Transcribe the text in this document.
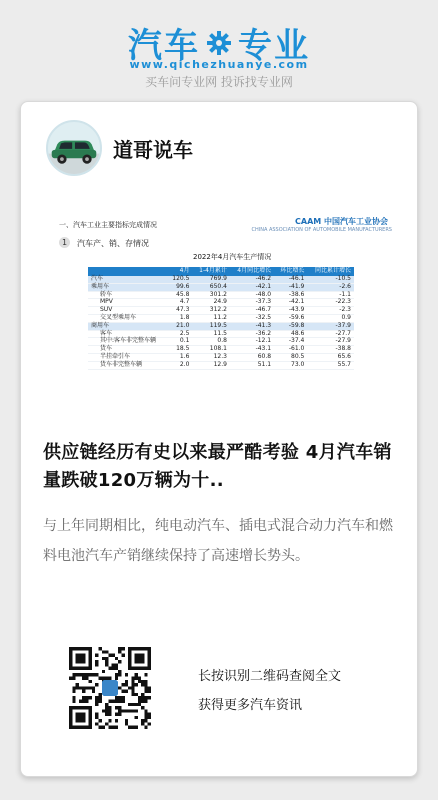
汽车 专业
www.qichezhuanye.com
买车问专业网 投诉找专业网
道哥说车
一、汽车工业主要指标完成情况	CAAM 中国汽车工业协会
CHINA ASSOCIATION OF AUTOMOBILE MANUFACTURERS
1	汽车产、销、存情况
2022年4月汽车生产情况
	4月	1-4月累计	4月同比增长	环比增长	同比累计增长
汽车	120.5	769.9	-46.2	-46.1	-10.5
乘用车	99.6	650.4	-42.1	-41.9	-2.6
轿车	45.8	301.2	-48.0	-38.6	-1.1
MPV	4.7	24.9	-37.3	-42.1	-22.3
SUV	47.3	312.2	-46.7	-43.9	-2.3
交叉型乘用车	1.8	11.2	-32.5	-59.6	0.9
商用车	21.0	119.5	-41.3	-59.8	-37.9
客车	2.5	11.5	-36.2	48.6	-27.7
其中:客车非完整车辆	0.1	0.8	-12.1	-37.4	-27.9
货车	18.5	108.1	-43.1	-61.0	-38.8
半挂牵引车	1.6	12.3	60.8	80.5	65.6
货车非完整车辆	2.0	12.9	51.1	73.0	55.7
供应链经历有史以来最严酷考验 4月汽车销量跌破120万辆为十..
与上年同期相比，纯电动汽车、插电式混合动力汽车和燃料电池汽车产销继续保持了高速增长势头。
长按识别二维码查阅全文
获得更多汽车资讯
